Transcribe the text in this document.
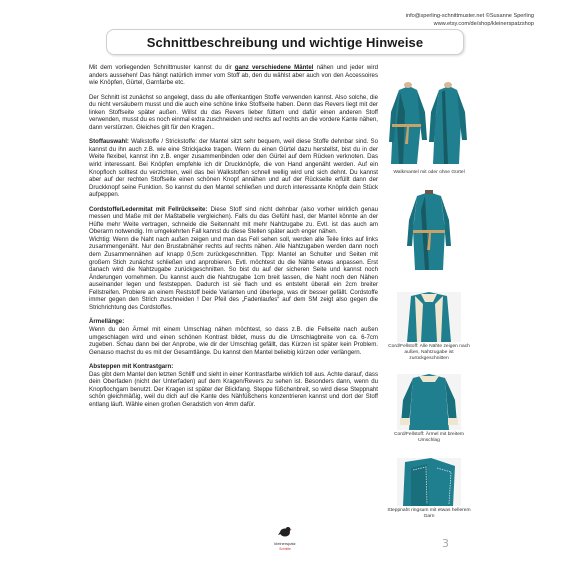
info@sperling-schnittmuster.net ©Susanne Sperling
www.etsy.com/de/shop/kleinerspatzshop
Schnittbeschreibung und wichtige Hinweise

Mit dem vorliegenden Schnittmuster kannst du dir ganz verschiedene Mäntel nähen und jeder wird anders aussehen! Das hängt natürlich immer vom Stoff ab, den du wählst aber auch von den Accessoires wie Knöpfen, Gürtel, Garnfarbe etc.

Der Schnitt ist zunächst so angelegt, dass du alle offenkantigen Stoffe verwenden kannst. Also solche, die du nicht versäubern musst und die auch eine schöne linke Stoffseite haben. Denn das Revers liegt mit der linken Stoffseite später außen. Willst du das Revers lieber füttern und dafür einen anderen Stoff verwenden, musst du es noch einmal extra zuschneiden und rechts auf rechts an die vordere Kante nähen, dann verstürzen. Gleiches gilt für den Kragen..

Stoffauswahl: Walkstoffe / Strickstoffe: der Mantel sitzt sehr bequem, weil diese Stoffe dehnbar sind. So kannst du ihn auch z.B. wie eine Strickjacke tragen. Wenn du einen Gürtel dazu herstellst, bist du in der Weite flexibel, kannst ihn z.B. enger zusammenbinden oder den Gürtel auf dem Rücken verknoten. Das wirkt interessant. Bei Knöpfen empfehle ich dir Druckknöpfe, die von Hand angenäht werden. Auf ein Knopfloch solltest du verzichten, weil das bei Walkstoffen schnell wellig wird und sich dehnt. Du kannst aber auf der rechten Stoffseite einen schönen Knopf annähen und auf der Rückseite erfüllt dann der Druckknopf seine Funktion. So kannst du den Mantel schließen und durch interessante Knöpfe dein Stück aufpeppen.

Cordstoffe/Ledermitat mit Fellrückseite: Diese Stoff sind nicht dehnbar (also vorher wirklich genau messen und Maße mit der Maßtabelle vergleichen). Falls du das Gefühl hast, der Mantel könnte an der Hüfte mehr Weite vertragen, schneide die Seitennaht mit mehr Nahtzugabe zu. Evtl. ist das auch am Oberarm notwendig. Im umgekehrten Fall kannst du diese Stellen später auch enger nähen.
Wichtig: Wenn die Naht nach außen zeigen und man das Fell sehen soll, werden alle Teile links auf links zusammengenäht. Nur den Brustabnäher rechts auf rechts nähen. Alle Nahtzugaben werden dann noch dem Zusammennähen auf knapp 0,5cm zurückgeschnitten. Tipp: Mantel an Schulter und Seiten mit großem Stich zunächst schließen und anprobieren. Evtl. möchtest du die Nähte etwas anpassen. Erst danach wird die Nahtzugabe zurückgeschnitten. So bist du auf der sicheren Seite und kannst noch Änderungen vornehmen. Du kannst auch die Nahtzugabe 1cm breit lassen, die Naht noch den Nähen auseinander legen und feststeppen. Dadurch ist sie flach und es entsteht überall ein 2cm breiter Fellstreifen. Probiere an einem Reststoff beide Varianten und überlege, was dir besser gefällt. Cordstoffe immer gegen den Strich zuschneiden ! Der Pfeil des „Fadenlaufes“ auf dem SM zeigt also gegen die Strichrichtung des Cordstoffes.
Ärmellänge:
Wenn du den Ärmel mit einem Umschlag nähen möchtest, so dass z.B. die Fellseite nach außen umgeschlagen wird und einen schönen Kontrast bildet, muss du die Umschlagbreite von ca. 6-7cm zugeben. Schau dann bei der Anprobe, wie dir der Umschlag gefällt, das Kürzen ist später kein Problem. Genauso machst du es mit der Gesamtlänge. Du kannst den Mantel beliebig kürzen oder verlängern.
Absteppen mit Kontrastgarn:
Das gibt dem Mantel den letzten Schliff und sieht in einer Kontrastfarbe wirklich toll aus. Achte darauf, dass dein Oberfaden (nicht der Unterfaden) auf dem Kragen/Revers zu sehen ist. Besonders dann, wenn du Knopflochgarn benutzt. Der Kragen ist später der Blickfang. Steppe füßchenbreit, so wird diese Steppnaht schön gleichmäßig, weil du dich auf die Kante des Nähfüßchens konzentrieren kannst und dort der Stoff entlang läuft. Wähle einen großen Geradstich von 4mm dafür.
Walkmantel mit oder ohne Gürtel
Cord/Fellstoff: Alle Nähte zeigen nach außen, Nahtzugabe ist zurückgeschnitten
Cord/Fellstoff: Ärmel mit breitem Umschlag
Steppnaht ringsum mit etwas hellerem Garn
kleinerspatz
Schnitte	3
